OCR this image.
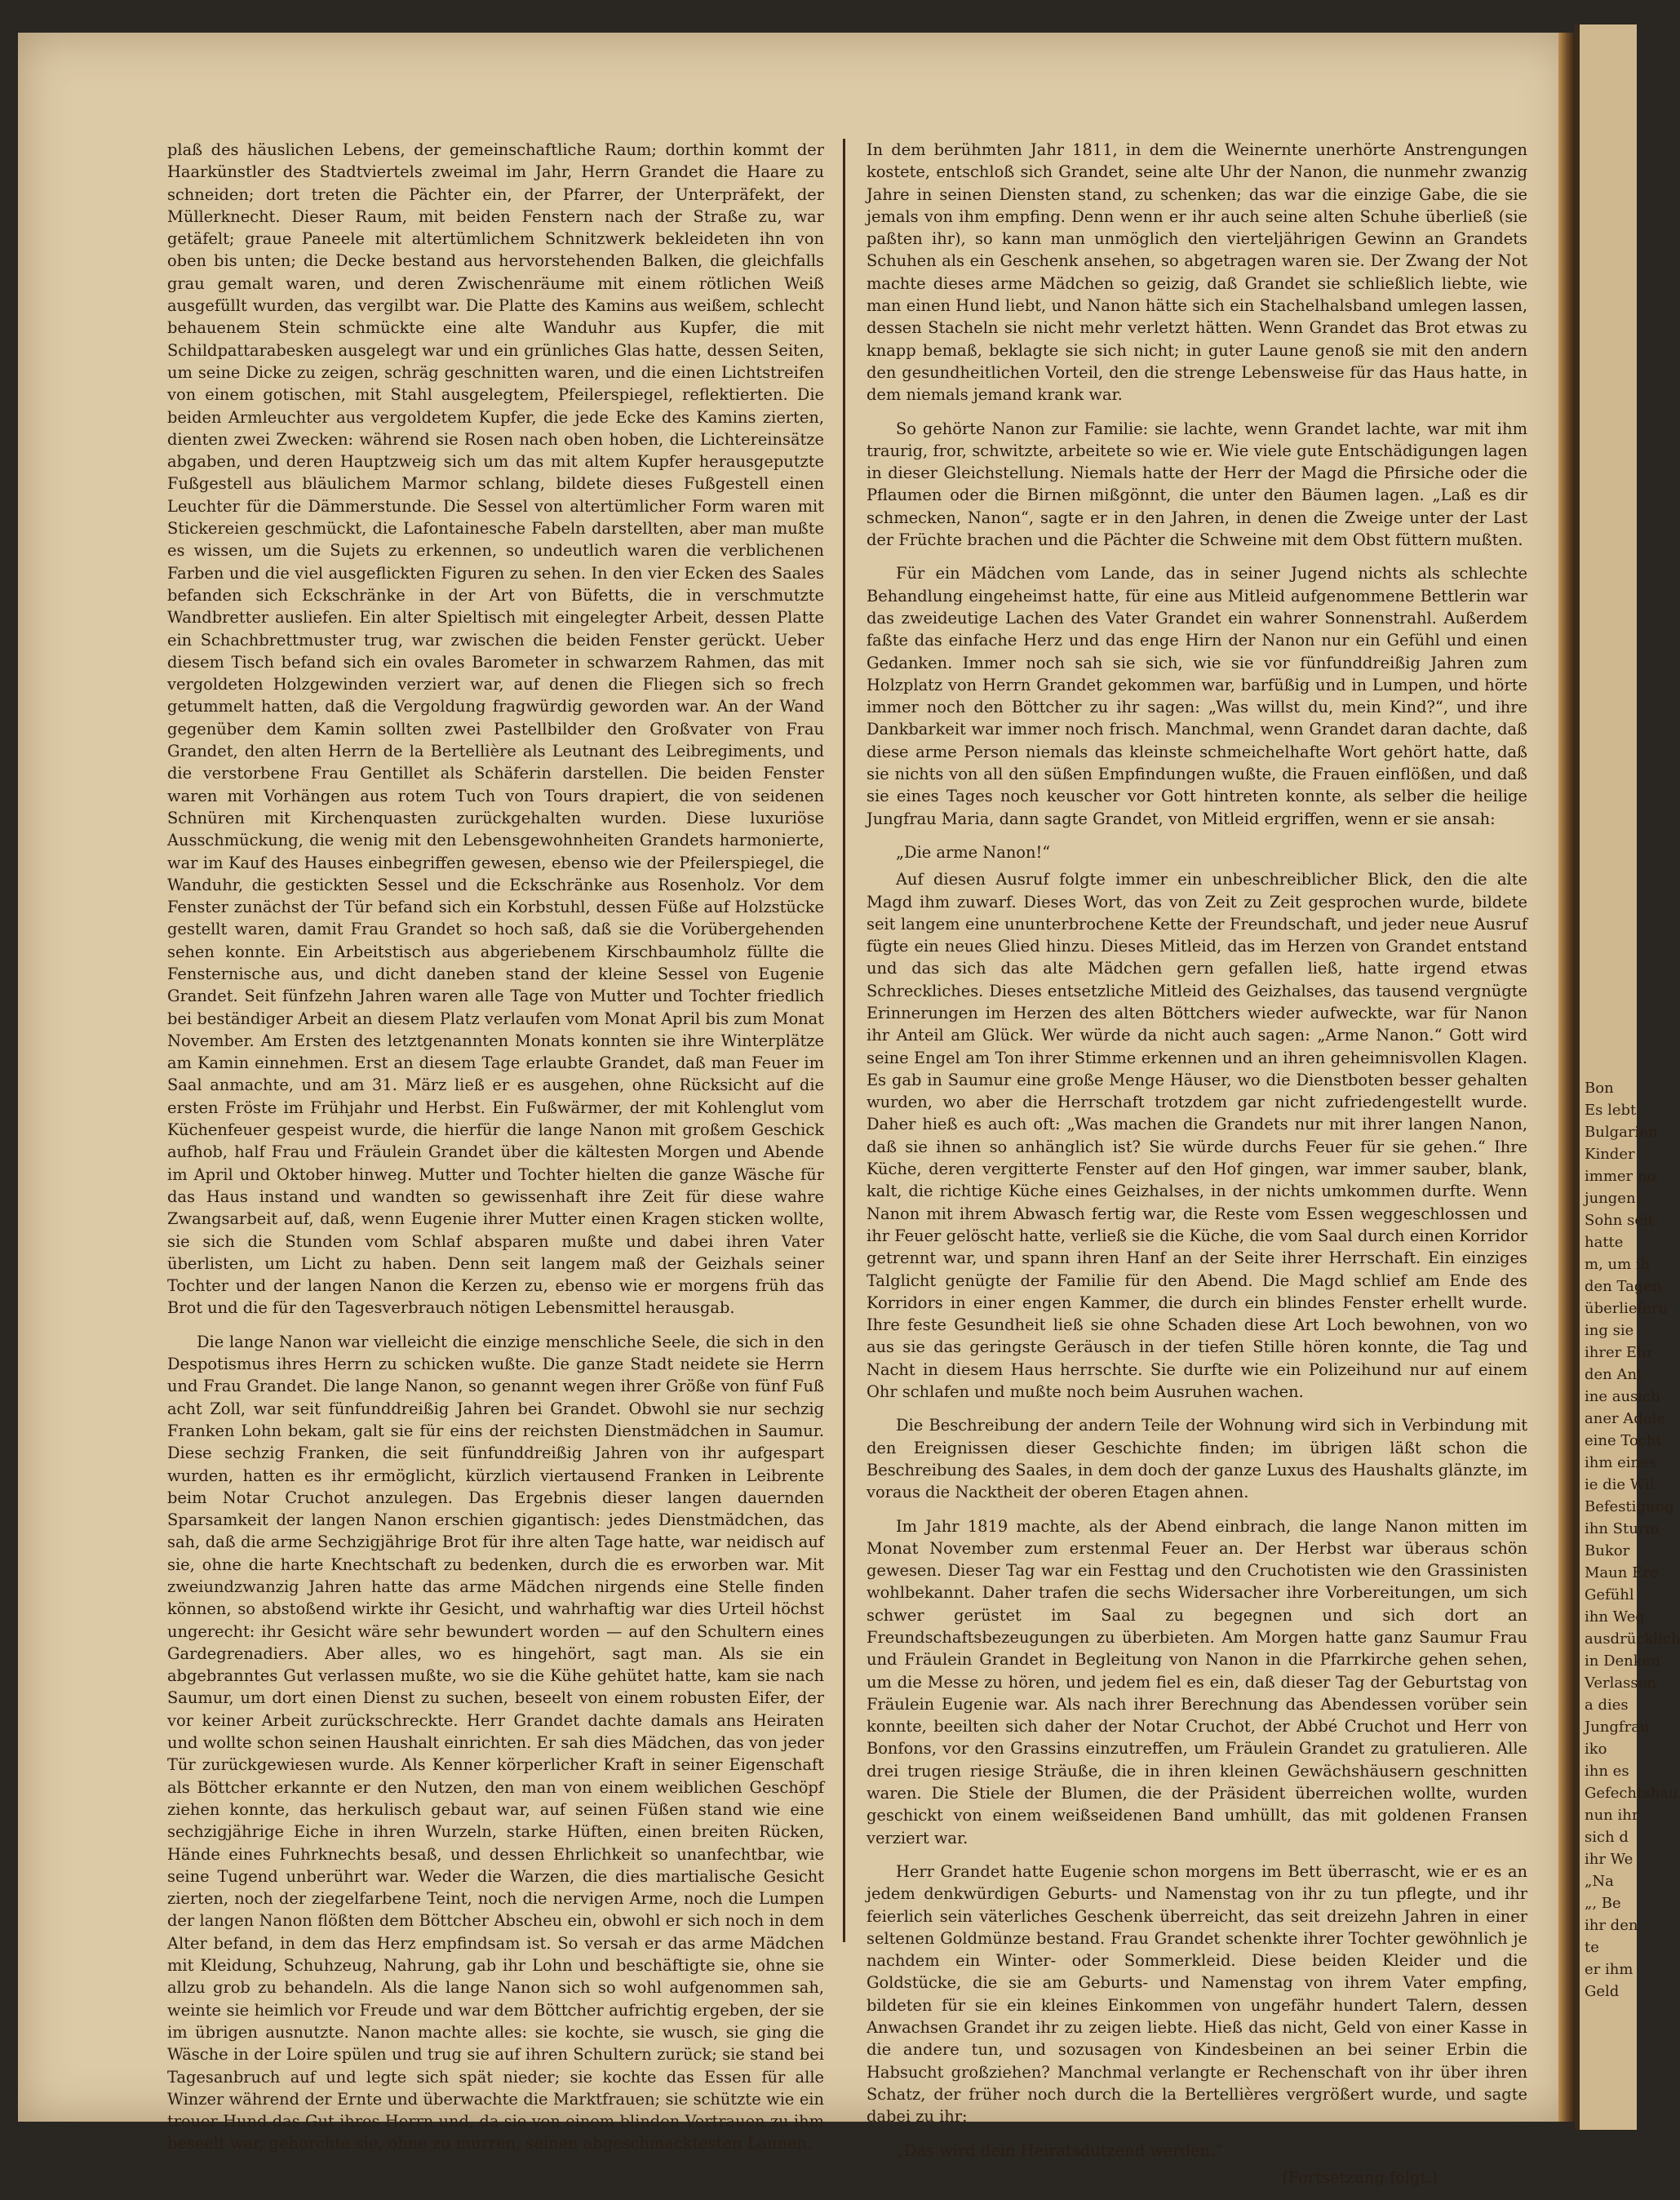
plaß des häuslichen Lebens, der gemeinschaftliche Raum; dorthin kommt der Haarkünstler des Stadtviertels zweimal im Jahr, Herrn Grandet die Haare zu schneiden; dort treten die Pächter ein, der Pfarrer, der Unterpräfekt, der Müllerknecht. Dieser Raum, mit beiden Fenstern nach der Straße zu, war getäfelt; graue Paneele mit altertümlichem Schnitzwerk bekleideten ihn von oben bis unten; die Decke bestand aus hervorstehenden Balken, die gleichfalls grau gemalt waren, und deren Zwischenräume mit einem rötlichen Weiß ausgefüllt wurden, das vergilbt war. Die Platte des Kamins aus weißem, schlecht behauenem Stein schmückte eine alte Wanduhr aus Kupfer, die mit Schildpattarabesken ausgelegt war und ein grünliches Glas hatte, dessen Seiten, um seine Dicke zu zeigen, schräg geschnitten waren, und die einen Lichtstreifen von einem gotischen, mit Stahl ausgelegtem, Pfeilerspiegel, reflektierten. Die beiden Armleuchter aus vergoldetem Kupfer, die jede Ecke des Kamins zierten, dienten zwei Zwecken: während sie Rosen nach oben hoben, die Lichtereinsätze abgaben, und deren Hauptzweig sich um das mit altem Kupfer herausgeputzte Fußgestell aus bläulichem Marmor schlang, bildete dieses Fußgestell einen Leuchter für die Dämmerstunde. Die Sessel von altertümlicher Form waren mit Stickereien geschmückt, die Lafontainesche Fabeln darstellten, aber man mußte es wissen, um die Sujets zu erkennen, so undeutlich waren die verblichenen Farben und die viel ausgeflickten Figuren zu sehen. In den vier Ecken des Saales befanden sich Eckschränke in der Art von Büfetts, die in verschmutzte Wandbretter ausliefen. Ein alter Spieltisch mit eingelegter Arbeit, dessen Platte ein Schachbrettmuster trug, war zwischen die beiden Fenster gerückt. Ueber diesem Tisch befand sich ein ovales Barometer in schwarzem Rahmen, das mit vergoldeten Holzgewinden verziert war, auf denen die Fliegen sich so frech getummelt hatten, daß die Vergoldung fragwürdig geworden war. An der Wand gegenüber dem Kamin sollten zwei Pastellbilder den Großvater von Frau Grandet, den alten Herrn de la Bertellière als Leutnant des Leibregiments, und die verstorbene Frau Gentillet als Schäferin darstellen. Die beiden Fenster waren mit Vorhängen aus rotem Tuch von Tours drapiert, die von seidenen Schnüren mit Kirchenquasten zurückgehalten wurden. Diese luxuriöse Ausschmückung, die wenig mit den Lebensgewohnheiten Grandets harmonierte, war im Kauf des Hauses einbegriffen gewesen, ebenso wie der Pfeilerspiegel, die Wanduhr, die gestickten Sessel und die Eckschränke aus Rosenholz. Vor dem Fenster zunächst der Tür befand sich ein Korbstuhl, dessen Füße auf Holzstücke gestellt waren, damit Frau Grandet so hoch saß, daß sie die Vorübergehenden sehen konnte. Ein Arbeitstisch aus abgeriebenem Kirschbaumholz füllte die Fensternische aus, und dicht daneben stand der kleine Sessel von Eugenie Grandet. Seit fünfzehn Jahren waren alle Tage von Mutter und Tochter friedlich bei beständiger Arbeit an diesem Platz verlaufen vom Monat April bis zum Monat November. Am Ersten des letztgenannten Monats konnten sie ihre Winterplätze am Kamin einnehmen. Erst an diesem Tage erlaubte Grandet, daß man Feuer im Saal anmachte, und am 31. März ließ er es ausgehen, ohne Rücksicht auf die ersten Fröste im Frühjahr und Herbst. Ein Fußwärmer, der mit Kohlenglut vom Küchenfeuer gespeist wurde, die hierfür die lange Nanon mit großem Geschick aufhob, half Frau und Fräulein Grandet über die kältesten Morgen und Abende im April und Oktober hinweg. Mutter und Tochter hielten die ganze Wäsche für das Haus instand und wandten so gewissenhaft ihre Zeit für diese wahre Zwangsarbeit auf, daß, wenn Eugenie ihrer Mutter einen Kragen sticken wollte, sie sich die Stunden vom Schlaf absparen mußte und dabei ihren Vater überlisten, um Licht zu haben. Denn seit langem maß der Geizhals seiner Tochter und der langen Nanon die Kerzen zu, ebenso wie er morgens früh das Brot und die für den Tagesverbrauch nötigen Lebensmittel herausgab.

Die lange Nanon war vielleicht die einzige menschliche Seele, die sich in den Despotismus ihres Herrn zu schicken wußte. Die ganze Stadt neidete sie Herrn und Frau Grandet. Die lange Nanon, so genannt wegen ihrer Größe von fünf Fuß acht Zoll, war seit fünfunddreißig Jahren bei Grandet. Obwohl sie nur sechzig Franken Lohn bekam, galt sie für eins der reichsten Dienstmädchen in Saumur. Diese sechzig Franken, die seit fünfunddreißig Jahren von ihr aufgespart wurden, hatten es ihr ermöglicht, kürzlich viertausend Franken in Leibrente beim Notar Cruchot anzulegen. Das Ergebnis dieser langen dauernden Sparsamkeit der langen Nanon erschien gigantisch: jedes Dienstmädchen, das sah, daß die arme Sechzigjährige Brot für ihre alten Tage hatte, war neidisch auf sie, ohne die harte Knechtschaft zu bedenken, durch die es erworben war. Mit zweiundzwanzig Jahren hatte das arme Mädchen nirgends eine Stelle finden können, so abstoßend wirkte ihr Gesicht, und wahrhaftig war dies Urteil höchst ungerecht: ihr Gesicht wäre sehr bewundert worden — auf den Schultern eines Gardegrenadiers. Aber alles, wo es hingehört, sagt man. Als sie ein abgebranntes Gut verlassen mußte, wo sie die Kühe gehütet hatte, kam sie nach Saumur, um dort einen Dienst zu suchen, beseelt von einem robusten Eifer, der vor keiner Arbeit zurückschreckte. Herr Grandet dachte damals ans Heiraten und wollte schon seinen Haushalt einrichten. Er sah dies Mädchen, das von jeder Tür zurückgewiesen wurde. Als Kenner körperlicher Kraft in seiner Eigenschaft als Böttcher erkannte er den Nutzen, den man von einem weiblichen Geschöpf ziehen konnte, das herkulisch gebaut war, auf seinen Füßen stand wie eine sechzigjährige Eiche in ihren Wurzeln, starke Hüften, einen breiten Rücken, Hände eines Fuhrknechts besaß, und dessen Ehrlichkeit so unanfechtbar, wie seine Tugend unberührt war. Weder die Warzen, die dies martialische Gesicht zierten, noch der ziegelfarbene Teint, noch die nervigen Arme, noch die Lumpen der langen Nanon flößten dem Böttcher Abscheu ein, obwohl er sich noch in dem Alter befand, in dem das Herz empfindsam ist. So versah er das arme Mädchen mit Kleidung, Schuhzeug, Nahrung, gab ihr Lohn und beschäftigte sie, ohne sie allzu grob zu behandeln. Als die lange Nanon sich so wohl aufgenommen sah, weinte sie heimlich vor Freude und war dem Böttcher aufrichtig ergeben, der sie im übrigen ausnutzte. Nanon machte alles: sie kochte, sie wusch, sie ging die Wäsche in der Loire spülen und trug sie auf ihren Schultern zurück; sie stand bei Tagesanbruch auf und legte sich spät nieder; sie kochte das Essen für alle Winzer während der Ernte und überwachte die Marktfrauen; sie schützte wie ein treuer Hund das Gut ihres Herrn und, da sie von einem blinden Vertrauen zu ihm beseelt war, gehorchte sie, ohne zu murren, seinen abgeschmacktesten Launen.

In dem berühmten Jahr 1811, in dem die Weinernte unerhörte Anstrengungen kostete, entschloß sich Grandet, seine alte Uhr der Nanon, die nunmehr zwanzig Jahre in seinen Diensten stand, zu schenken; das war die einzige Gabe, die sie jemals von ihm empfing. Denn wenn er ihr auch seine alten Schuhe überließ (sie paßten ihr), so kann man unmöglich den vierteljährigen Gewinn an Grandets Schuhen als ein Geschenk ansehen, so abgetragen waren sie. Der Zwang der Not machte dieses arme Mädchen so geizig, daß Grandet sie schließlich liebte, wie man einen Hund liebt, und Nanon hätte sich ein Stachelhalsband umlegen lassen, dessen Stacheln sie nicht mehr verletzt hätten. Wenn Grandet das Brot etwas zu knapp bemaß, beklagte sie sich nicht; in guter Laune genoß sie mit den andern den gesundheitlichen Vorteil, den die strenge Lebensweise für das Haus hatte, in dem niemals jemand krank war.

So gehörte Nanon zur Familie: sie lachte, wenn Grandet lachte, war mit ihm traurig, fror, schwitzte, arbeitete so wie er. Wie viele gute Entschädigungen lagen in dieser Gleichstellung. Niemals hatte der Herr der Magd die Pfirsiche oder die Pflaumen oder die Birnen mißgönnt, die unter den Bäumen lagen. „Laß es dir schmecken, Nanon“, sagte er in den Jahren, in denen die Zweige unter der Last der Früchte brachen und die Pächter die Schweine mit dem Obst füttern mußten.

Für ein Mädchen vom Lande, das in seiner Jugend nichts als schlechte Behandlung eingeheimst hatte, für eine aus Mitleid aufgenommene Bettlerin war das zweideutige Lachen des Vater Grandet ein wahrer Sonnenstrahl. Außerdem faßte das einfache Herz und das enge Hirn der Nanon nur ein Gefühl und einen Gedanken. Immer noch sah sie sich, wie sie vor fünfunddreißig Jahren zum Holzplatz von Herrn Grandet gekommen war, barfüßig und in Lumpen, und hörte immer noch den Böttcher zu ihr sagen: „Was willst du, mein Kind?“, und ihre Dankbarkeit war immer noch frisch. Manchmal, wenn Grandet daran dachte, daß diese arme Person niemals das kleinste schmeichelhafte Wort gehört hatte, daß sie nichts von all den süßen Empfindungen wußte, die Frauen einflößen, und daß sie eines Tages noch keuscher vor Gott hintreten konnte, als selber die heilige Jungfrau Maria, dann sagte Grandet, von Mitleid ergriffen, wenn er sie ansah:

„Die arme Nanon!“

Auf diesen Ausruf folgte immer ein unbeschreiblicher Blick, den die alte Magd ihm zuwarf. Dieses Wort, das von Zeit zu Zeit gesprochen wurde, bildete seit langem eine ununterbrochene Kette der Freundschaft, und jeder neue Ausruf fügte ein neues Glied hinzu. Dieses Mitleid, das im Herzen von Grandet entstand und das sich das alte Mädchen gern gefallen ließ, hatte irgend etwas Schreckliches. Dieses entsetzliche Mitleid des Geizhalses, das tausend vergnügte Erinnerungen im Herzen des alten Böttchers wieder aufweckte, war für Nanon ihr Anteil am Glück. Wer würde da nicht auch sagen: „Arme Nanon.“ Gott wird seine Engel am Ton ihrer Stimme erkennen und an ihren geheimnisvollen Klagen. Es gab in Saumur eine große Menge Häuser, wo die Dienstboten besser gehalten wurden, wo aber die Herrschaft trotzdem gar nicht zufriedengestellt wurde. Daher hieß es auch oft: „Was machen die Grandets nur mit ihrer langen Nanon, daß sie ihnen so anhänglich ist? Sie würde durchs Feuer für sie gehen.“ Ihre Küche, deren vergitterte Fenster auf den Hof gingen, war immer sauber, blank, kalt, die richtige Küche eines Geizhalses, in der nichts umkommen durfte. Wenn Nanon mit ihrem Abwasch fertig war, die Reste vom Essen weggeschlossen und ihr Feuer gelöscht hatte, verließ sie die Küche, die vom Saal durch einen Korridor getrennt war, und spann ihren Hanf an der Seite ihrer Herrschaft. Ein einziges Talglicht genügte der Familie für den Abend. Die Magd schlief am Ende des Korridors in einer engen Kammer, die durch ein blindes Fenster erhellt wurde. Ihre feste Gesundheit ließ sie ohne Schaden diese Art Loch bewohnen, von wo aus sie das geringste Geräusch in der tiefen Stille hören konnte, die Tag und Nacht in diesem Haus herrschte. Sie durfte wie ein Polizeihund nur auf einem Ohr schlafen und mußte noch beim Ausruhen wachen.

Die Beschreibung der andern Teile der Wohnung wird sich in Verbindung mit den Ereignissen dieser Geschichte finden; im übrigen läßt schon die Beschreibung des Saales, in dem doch der ganze Luxus des Haushalts glänzte, im voraus die Nacktheit der oberen Etagen ahnen.

Im Jahr 1819 machte, als der Abend einbrach, die lange Nanon mitten im Monat November zum erstenmal Feuer an. Der Herbst war überaus schön gewesen. Dieser Tag war ein Festtag und den Cruchotisten wie den Grassinisten wohlbekannt. Daher trafen die sechs Widersacher ihre Vorbereitungen, um sich schwer gerüstet im Saal zu begegnen und sich dort an Freundschaftsbezeugungen zu überbieten. Am Morgen hatte ganz Saumur Frau und Fräulein Grandet in Begleitung von Nanon in die Pfarrkirche gehen sehen, um die Messe zu hören, und jedem fiel es ein, daß dieser Tag der Geburtstag von Fräulein Eugenie war. Als nach ihrer Berechnung das Abendessen vorüber sein konnte, beeilten sich daher der Notar Cruchot, der Abbé Cruchot und Herr von Bonfons, vor den Grassins einzutreffen, um Fräulein Grandet zu gratulieren. Alle drei trugen riesige Sträuße, die in ihren kleinen Gewächshäusern geschnitten waren. Die Stiele der Blumen, die der Präsident überreichen wollte, wurden geschickt von einem weißseidenen Band umhüllt, das mit goldenen Fransen verziert war.

Herr Grandet hatte Eugenie schon morgens im Bett überrascht, wie er es an jedem denkwürdigen Geburts- und Namenstag von ihr zu tun pflegte, und ihr feierlich sein väterliches Geschenk überreicht, das seit dreizehn Jahren in einer seltenen Goldmünze bestand. Frau Grandet schenkte ihrer Tochter gewöhnlich je nachdem ein Winter- oder Sommerkleid. Diese beiden Kleider und die Goldstücke, die sie am Geburts- und Namenstag von ihrem Vater empfing, bildeten für sie ein kleines Einkommen von ungefähr hundert Talern, dessen Anwachsen Grandet ihr zu zeigen liebte. Hieß das nicht, Geld von einer Kasse in die andere tun, und sozusagen von Kindesbeinen an bei seiner Erbin die Habsucht großziehen? Manchmal verlangte er Rechenschaft von ihr über ihren Schatz, der früher noch durch die la Bertellières vergrößert wurde, und sagte dabei zu ihr:

„Das wird dein Heiratsdutzend werden.“

(Fortsetzung folgt.)

Bon
Es lebt
Bulgarien
Kinder
immer no
jungen
Sohn seit
hatte
m, um ih
den Tagen
überlieferu
ing sie
ihrer Ehr
den Ant
ine ausich
aner Adele
eine Tocht
ihm eines
ie die Wil
Befestigung
ihn Sturm
Bukor
Maun Ere
Gefühl
ihn Weg
ausdrücklich
in Denken
Verlassen
a dies
Jungfrau
iko
ihn es
Gefechtshau
nun ihr
sich d
ihr We
„Na
„, Be
ihr den
te
er ihm
Geld
